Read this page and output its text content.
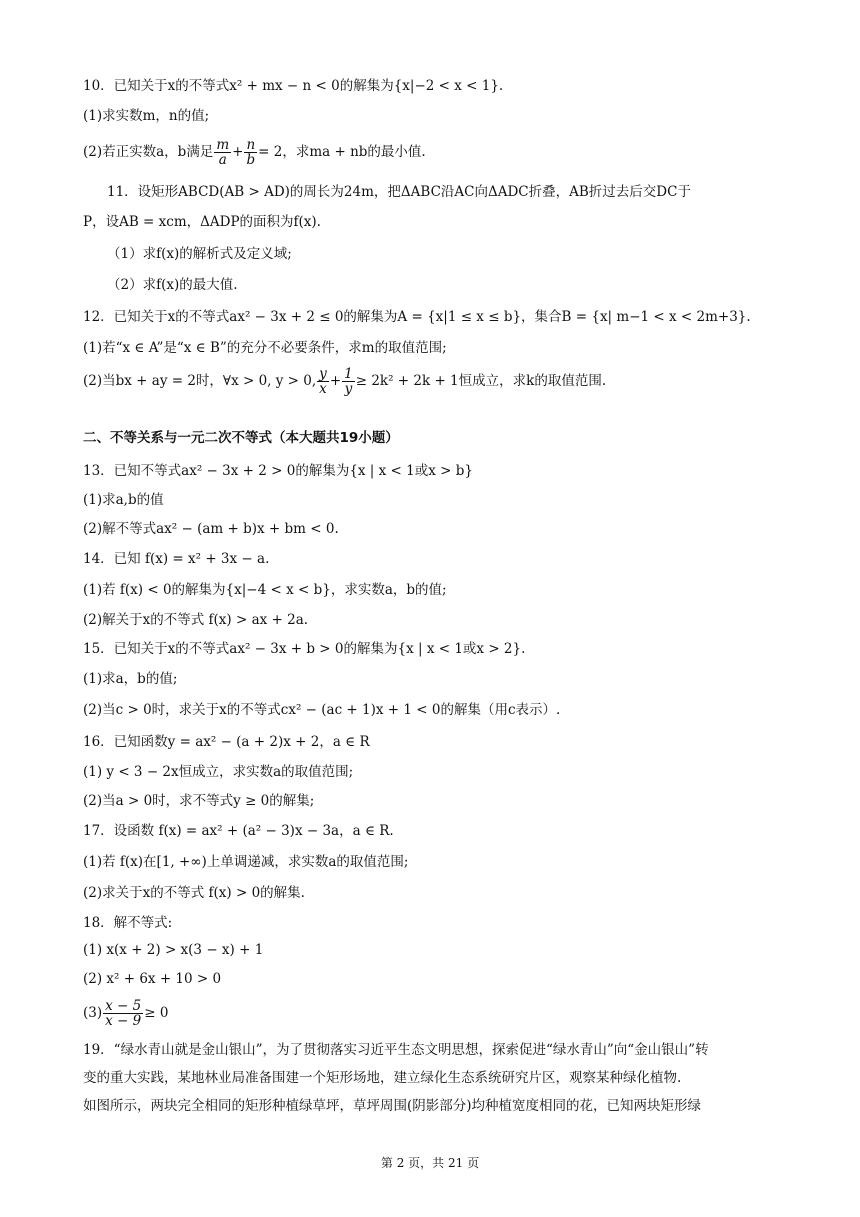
10．已知关于x的不等式x² + mx − n < 0的解集为{x|−2 < x < 1}.
(1)求实数m，n的值;
(2)若正实数a，b满足 $\frac{m}{a} + \frac{n}{b} = 2$，求ma + nb的最小值.
11．设矩形ABCD(AB > AD)的周长为24m，把ΔABC沿AC向ΔADC折叠，AB折过去后交DC于
P，设AB = xcm，ΔADP的面积为f(x).
（1）求f(x)的解析式及定义域;
（2）求f(x)的最大值.
12．已知关于x的不等式ax² − 3x + 2 ≤ 0的解集为A = {x|1 ≤ x ≤ b}，集合B = {x| m−1 < x < 2m+3}.
(1)若“x ∈ A”是“x ∈ B”的充分不必要条件，求m的取值范围;
(2)当bx + ay = 2时，∀x > 0, y > 0, $\frac{y}{x} + \frac{1}{y} \ge 2k^2 + 2k + 1$恒成立，求k的取值范围.
二、不等关系与一元二次不等式（本大题共19小题）
13．已知不等式ax² − 3x + 2 > 0的解集为{x | x < 1或x > b}
(1)求a,b的值
(2)解不等式ax² − (am + b)x + bm < 0.
14．已知 f(x) = x² + 3x − a.
(1)若 f(x) < 0的解集为{x|−4 < x < b}，求实数a，b的值;
(2)解关于x的不等式 f(x) > ax + 2a.
15．已知关于x的不等式ax² − 3x + b > 0的解集为{x | x < 1或x > 2}.
(1)求a，b的值;
(2)当c > 0时，求关于x的不等式cx² − (ac + 1)x + 1 < 0的解集（用c表示）.
16．已知函数y = ax² − (a + 2)x + 2，a ∈ R
(1) y < 3 − 2x恒成立，求实数a的取值范围;
(2)当a > 0时，求不等式y ≥ 0的解集;
17．设函数 f(x) = ax² + (a² − 3)x − 3a，a ∈ R.
(1)若 f(x)在[1, +∞)上单调递减，求实数a的取值范围;
(2)求关于x的不等式 f(x) > 0的解集.
18．解不等式:
(1) x(x + 2) > x(3 − x) + 1
(2) x² + 6x + 10 > 0
$(3) \frac{x - 5}{x - 9} \ge 0$
19．“绿水青山就是金山银山”，为了贯彻落实习近平生态文明思想，探索促进“绿水青山”向“金山银山”转
变的重大实践，某地林业局准备围建一个矩形场地，建立绿化生态系统研究片区，观察某种绿化植物.
如图所示，两块完全相同的矩形种植绿草坪，草坪周围(阴影部分)均种植宽度相同的花，已知两块矩形绿
第 2 页，共 21 页
